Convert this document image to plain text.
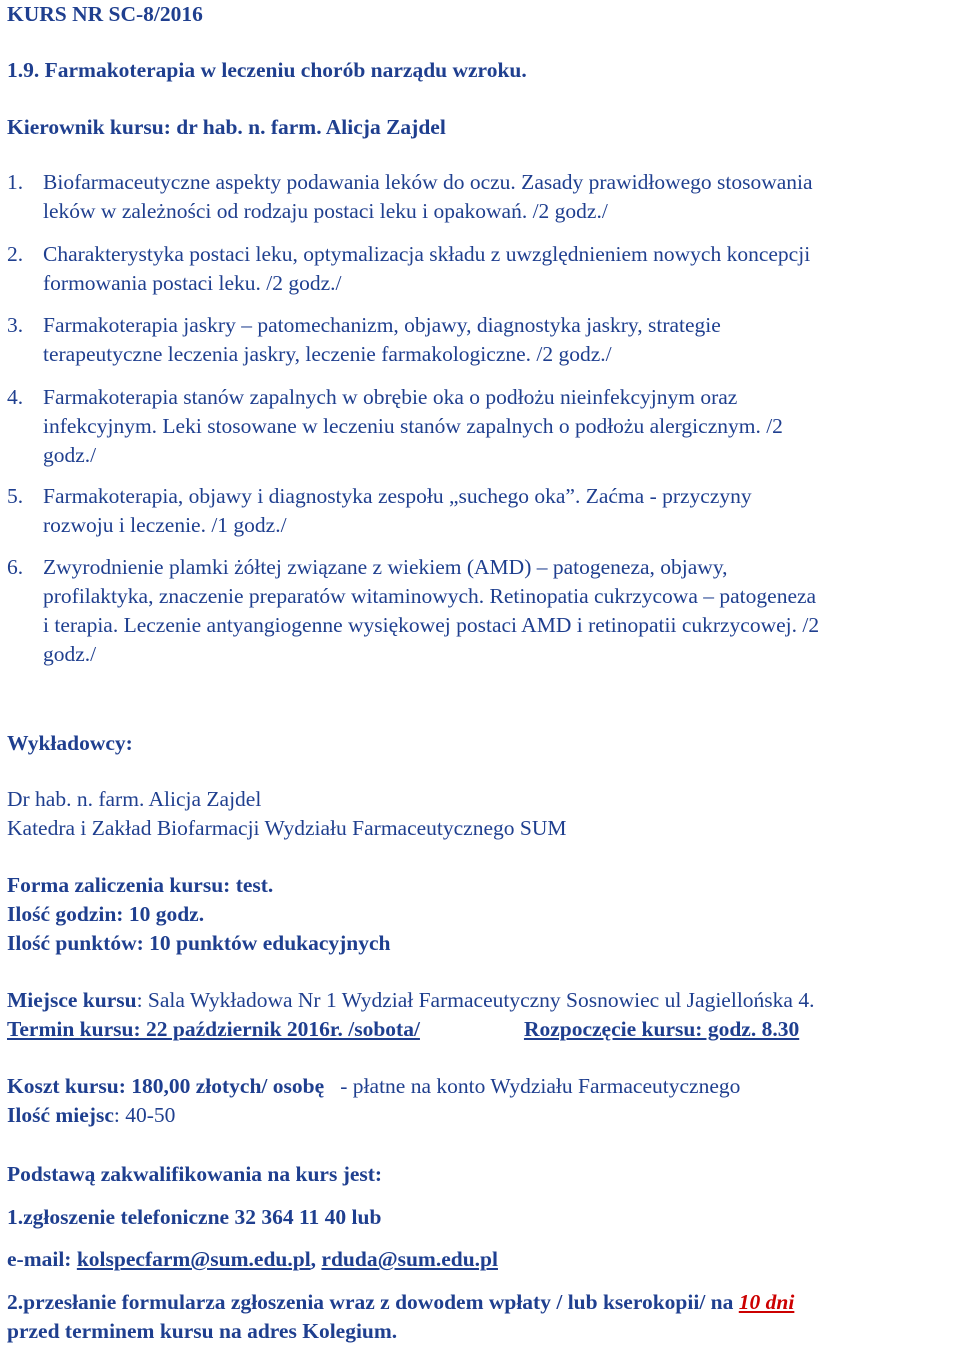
KURS NR SC-8/2016
1.9. Farmakoterapia w leczeniu chorób narządu wzroku.
Kierownik kursu: dr hab. n. farm. Alicja Zajdel
1. Biofarmaceutyczne aspekty podawania leków do oczu. Zasady prawidłowego stosowania
leków w zależności od rodzaju postaci leku i opakowań. /2 godz./
2. Charakterystyka postaci leku, optymalizacja składu z uwzględnieniem nowych koncepcji
formowania postaci leku. /2 godz./
3. Farmakoterapia jaskry – patomechanizm, objawy, diagnostyka jaskry, strategie
terapeutyczne leczenia jaskry, leczenie farmakologiczne. /2 godz./
4. Farmakoterapia stanów zapalnych w obrębie oka o podłożu nieinfekcyjnym oraz
infekcyjnym. Leki stosowane w leczeniu stanów zapalnych o podłożu alergicznym. /2
godz./
5. Farmakoterapia, objawy i diagnostyka zespołu „suchego oka”. Zaćma - przyczyny
rozwoju i leczenie. /1 godz./
6. Zwyrodnienie plamki żółtej związane z wiekiem (AMD) – patogeneza, objawy,
profilaktyka, znaczenie preparatów witaminowych. Retinopatia cukrzycowa – patogeneza
i terapia. Leczenie antyangiogenne wysiękowej postaci AMD i retinopatii cukrzycowej. /2
godz./
Wykładowcy:
Dr hab. n. farm. Alicja Zajdel
Katedra i Zakład Biofarmacji Wydziału Farmaceutycznego SUM
Forma zaliczenia kursu: test.
Ilość godzin: 10 godz.
Ilość punktów: 10 punktów edukacyjnych
Miejsce kursu: Sala Wykładowa Nr 1 Wydział Farmaceutyczny Sosnowiec ul Jagiellońska 4.
Termin kursu: 22 październik 2016r. /sobota/	Rozpoczęcie kursu: godz. 8.30
Koszt kursu: 180,00 złotych/ osobę   - płatne na konto Wydziału Farmaceutycznego
Ilość miejsc: 40-50
Podstawą zakwalifikowania na kurs jest:
1.zgłoszenie telefoniczne 32 364 11 40 lub
e-mail: kolspecfarm@sum.edu.pl, rduda@sum.edu.pl
2.przesłanie formularza zgłoszenia wraz z dowodem wpłaty / lub kserokopii/ na 10 dni
przed terminem kursu na adres Kolegium.
